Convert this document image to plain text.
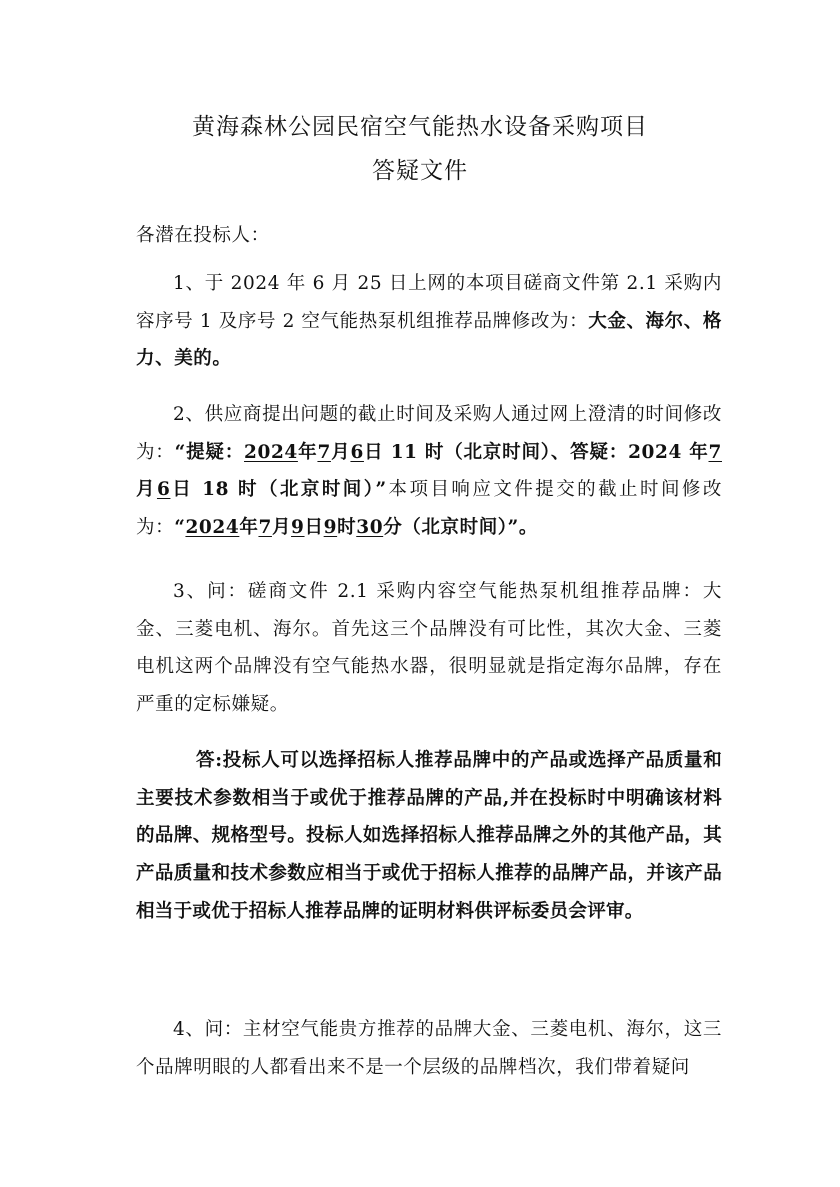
黄海森林公园民宿空气能热水设备采购项目
答疑文件
各潜在投标人：
1、于 2024 年 6 月 25 日上网的本项目磋商文件第 2.1 采购内容序号 1 及序号 2 空气能热泵机组推荐品牌修改为：大金、海尔、格力、美的。
2、供应商提出问题的截止时间及采购人通过网上澄清的时间修改为：“提疑：2024年7月6日 11 时（北京时间）、答疑：2024 年7月6日 18 时（北京时间）”本项目响应文件提交的截止时间修改为：“2024年7月9日9时30分（北京时间）”。
3、问：磋商文件 2.1 采购内容空气能热泵机组推荐品牌：大金、三菱电机、海尔。首先这三个品牌没有可比性，其次大金、三菱电机这两个品牌没有空气能热水器，很明显就是指定海尔品牌，存在严重的定标嫌疑。
答:投标人可以选择招标人推荐品牌中的产品或选择产品质量和主要技术参数相当于或优于推荐品牌的产品,并在投标时中明确该材料的品牌、规格型号。投标人如选择招标人推荐品牌之外的其他产品，其产品质量和技术参数应相当于或优于招标人推荐的品牌产品，并该产品相当于或优于招标人推荐品牌的证明材料供评标委员会评审。
4、问：主材空气能贵方推荐的品牌大金、三菱电机、海尔，这三个品牌明眼的人都看出来不是一个层级的品牌档次，我们带着疑问
